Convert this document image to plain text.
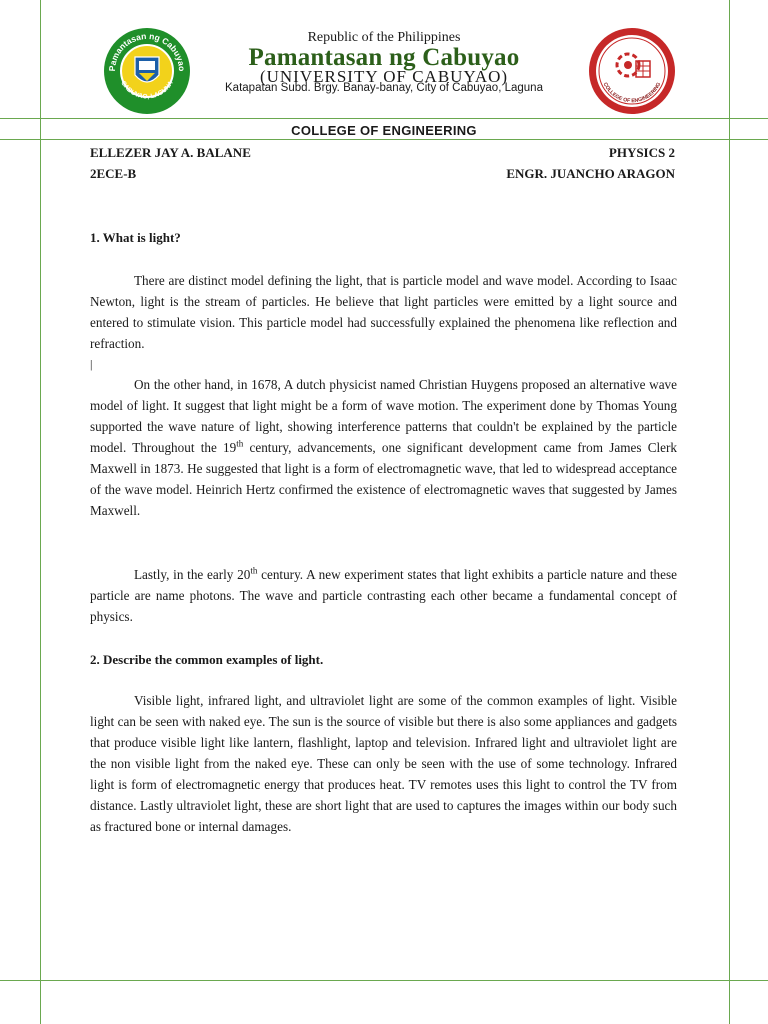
Pamantasan ng Cabuyao
CABUYAO, LAGUNA	COLLEGE OF ENGINEERING
Republic of the Philippines
Pamantasan ng Cabuyao
(UNIVERSITY OF CABUYAO)
Katapatan Subd. Brgy. Banay-banay, City of Cabuyao, Laguna
COLLEGE OF ENGINEERING
ELLEZER JAY A. BALANE	PHYSICS 2
2ECE-B	ENGR. JUANCHO ARAGON
1. What is light?

There are distinct model defining the light, that is particle model and wave model. According to Isaac Newton, light is the stream of particles. He believe that light particles were emitted by a light source and entered to stimulate vision. This particle model had successfully explained the phenomena like reflection and refraction.

|

On the other hand, in 1678, A dutch physicist named Christian Huygens proposed an alternative wave model of light. It suggest that light might be a form of wave motion. The experiment done by Thomas Young supported the wave nature of light, showing interference patterns that couldn't be explained by the particle model. Throughout the 19th century, advancements, one significant development came from James Clerk Maxwell in 1873. He suggested that light is a form of electromagnetic wave, that led to widespread acceptance of the wave model. Heinrich Hertz confirmed the existence of electromagnetic waves that suggested by James Maxwell.

Lastly, in the early 20th century. A new experiment states that light exhibits a particle nature and these particle are name photons. The wave and particle contrasting each other became a fundamental concept of physics.

2. Describe the common examples of light.

Visible light, infrared light, and ultraviolet light are some of the common examples of light. Visible light can be seen with naked eye. The sun is the source of visible but there is also some appliances and gadgets that produce visible light like lantern, flashlight, laptop and television. Infrared light and ultraviolet light are the non visible light from the naked eye. These can only be seen with the use of some technology. Infrared light is form of electromagnetic energy that produces heat. TV remotes uses this light to control the TV from distance. Lastly ultraviolet light, these are short light that are used to captures the images within our body such as fractured bone or internal damages.
